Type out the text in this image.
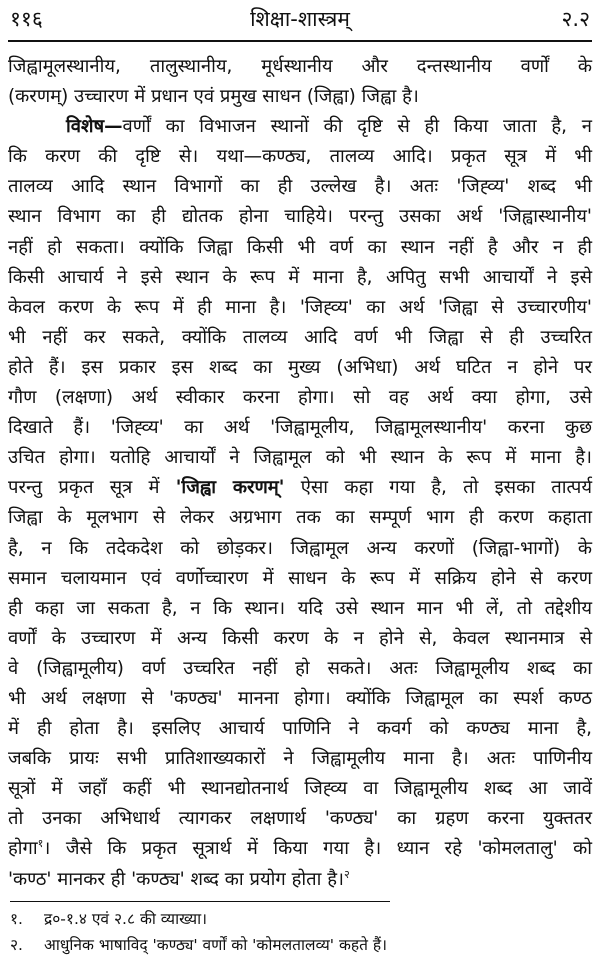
११६	शिक्षा-शास्त्रम्	२.२
जिह्वामूलस्थानीय, तालुस्थानीय, मूर्धस्थानीय और दन्तस्थानीय वर्णों के
(करणम्) उच्चारण में प्रधान एवं प्रमुख साधन (जिह्वा) जिह्वा है।
विशेष—वर्णों का विभाजन स्थानों की दृष्टि से ही किया जाता है, न
कि करण की दृष्टि से। यथा—कण्ठ्य, तालव्य आदि। प्रकृत सूत्र में भी
तालव्य आदि स्थान विभागों का ही उल्लेख है। अतः 'जिह्व्य' शब्द भी
स्थान विभाग का ही द्योतक होना चाहिये। परन्तु उसका अर्थ 'जिह्वास्थानीय'
नहीं हो सकता। क्योंकि जिह्वा किसी भी वर्ण का स्थान नहीं है और न ही
किसी आचार्य ने इसे स्थान के रूप में माना है, अपितु सभी आचार्यों ने इसे
केवल करण के रूप में ही माना है। 'जिह्व्य' का अर्थ 'जिह्वा से उच्चारणीय'
भी नहीं कर सकते, क्योंकि तालव्य आदि वर्ण भी जिह्वा से ही उच्चरित
होते हैं। इस प्रकार इस शब्द का मुख्य (अभिधा) अर्थ घटित न होने पर
गौण (लक्षणा) अर्थ स्वीकार करना होगा। सो वह अर्थ क्या होगा, उसे
दिखाते हैं। 'जिह्व्य' का अर्थ 'जिह्वामूलीय, जिह्वामूलस्थानीय' करना कुछ
उचित होगा। यतोहि आचार्यों ने जिह्वामूल को भी स्थान के रूप में माना है।
परन्तु प्रकृत सूत्र में 'जिह्वा करणम्' ऐसा कहा गया है, तो इसका तात्पर्य
जिह्वा के मूलभाग से लेकर अग्रभाग तक का सम्पूर्ण भाग ही करण कहाता
है, न कि तदेकदेश को छोड़कर। जिह्वामूल अन्य करणों (जिह्वा-भागों) के
समान चलायमान एवं वर्णोच्चारण में साधन के रूप में सक्रिय होने से करण
ही कहा जा सकता है, न कि स्थान। यदि उसे स्थान मान भी लें, तो तद्देशीय
वर्णों के उच्चारण में अन्य किसी करण के न होने से, केवल स्थानमात्र से
वे (जिह्वामूलीय) वर्ण उच्चरित नहीं हो सकते। अतः जिह्वामूलीय शब्द का
भी अर्थ लक्षणा से 'कण्ठ्य' मानना होगा। क्योंकि जिह्वामूल का स्पर्श कण्ठ
में ही होता है। इसलिए आचार्य पाणिनि ने कवर्ग को कण्ठ्य माना है,
जबकि प्रायः सभी प्रातिशाख्यकारों ने जिह्वामूलीय माना है। अतः पाणिनीय
सूत्रों में जहाँ कहीं भी स्थानद्योतनार्थ जिह्व्य वा जिह्वामूलीय शब्द आ जावें
तो उनका अभिधार्थ त्यागकर लक्षणार्थ 'कण्ठ्य' का ग्रहण करना युक्ततर
होगा$^१$। जैसे कि प्रकृत सूत्रार्थ में किया गया है। ध्यान रहे 'कोमलतालु' को
'कण्ठ' मानकर ही 'कण्ठ्य' शब्द का प्रयोग होता है।$^२$
१. द्र०-१.४ एवं २.८ की व्याख्या।
२. आधुनिक भाषाविद् 'कण्ठ्य' वर्णों को 'कोमलतालव्य' कहते हैं।
